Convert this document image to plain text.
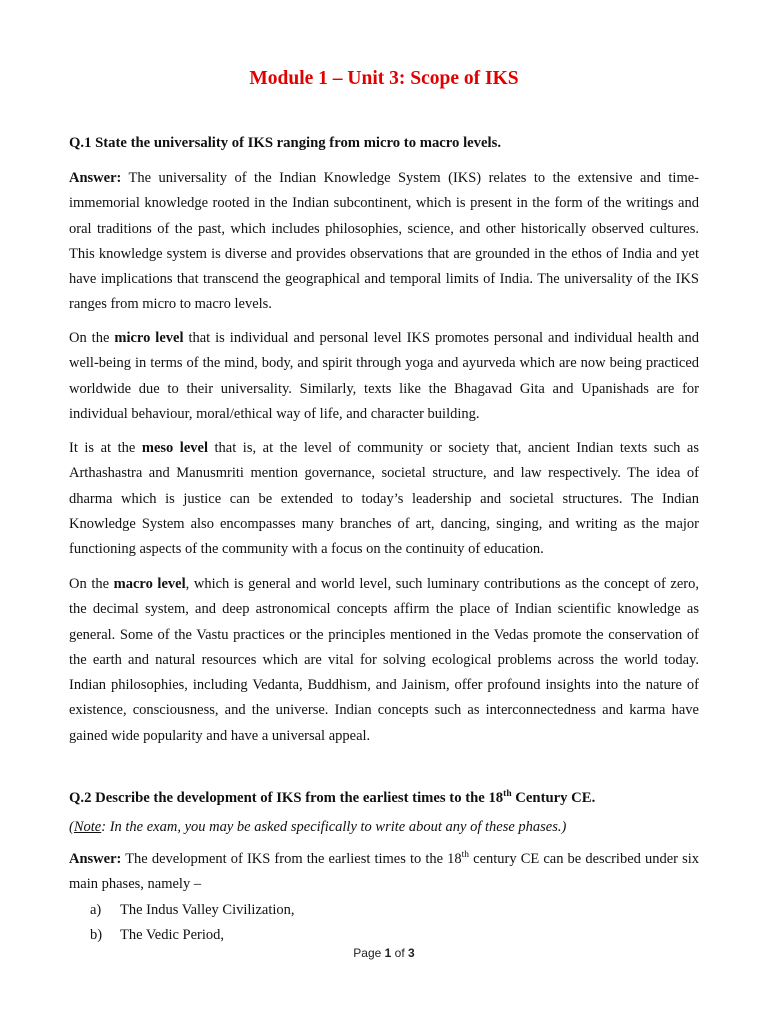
Module 1 – Unit 3: Scope of IKS

Q.1 State the universality of IKS ranging from micro to macro levels.

Answer: The universality of the Indian Knowledge System (IKS) relates to the extensive and time-immemorial knowledge rooted in the Indian subcontinent, which is present in the form of the writings and oral traditions of the past, which includes philosophies, science, and other historically observed cultures. This knowledge system is diverse and provides observations that are grounded in the ethos of India and yet have implications that transcend the geographical and temporal limits of India. The universality of the IKS ranges from micro to macro levels.

On the micro level that is individual and personal level IKS promotes personal and individual health and well-being in terms of the mind, body, and spirit through yoga and ayurveda which are now being practiced worldwide due to their universality. Similarly, texts like the Bhagavad Gita and Upanishads are for individual behaviour, moral/ethical way of life, and character building.

It is at the meso level that is, at the level of community or society that, ancient Indian texts such as Arthashastra and Manusmriti mention governance, societal structure, and law respectively. The idea of dharma which is justice can be extended to today’s leadership and societal structures. The Indian Knowledge System also encompasses many branches of art, dancing, singing, and writing as the major functioning aspects of the community with a focus on the continuity of education.

On the macro level, which is general and world level, such luminary contributions as the concept of zero, the decimal system, and deep astronomical concepts affirm the place of Indian scientific knowledge as general. Some of the Vastu practices or the principles mentioned in the Vedas promote the conservation of the earth and natural resources which are vital for solving ecological problems across the world today. Indian philosophies, including Vedanta, Buddhism, and Jainism, offer profound insights into the nature of existence, consciousness, and the universe. Indian concepts such as interconnectedness and karma have gained wide popularity and have a universal appeal.

Q.2 Describe the development of IKS from the earliest times to the 18th Century CE.

(Note: In the exam, you may be asked specifically to write about any of these phases.)

Answer: The development of IKS from the earliest times to the 18th century CE can be described under six main phases, namely –

a) The Indus Valley Civilization,
b) The Vedic Period,
Page 1 of 3
